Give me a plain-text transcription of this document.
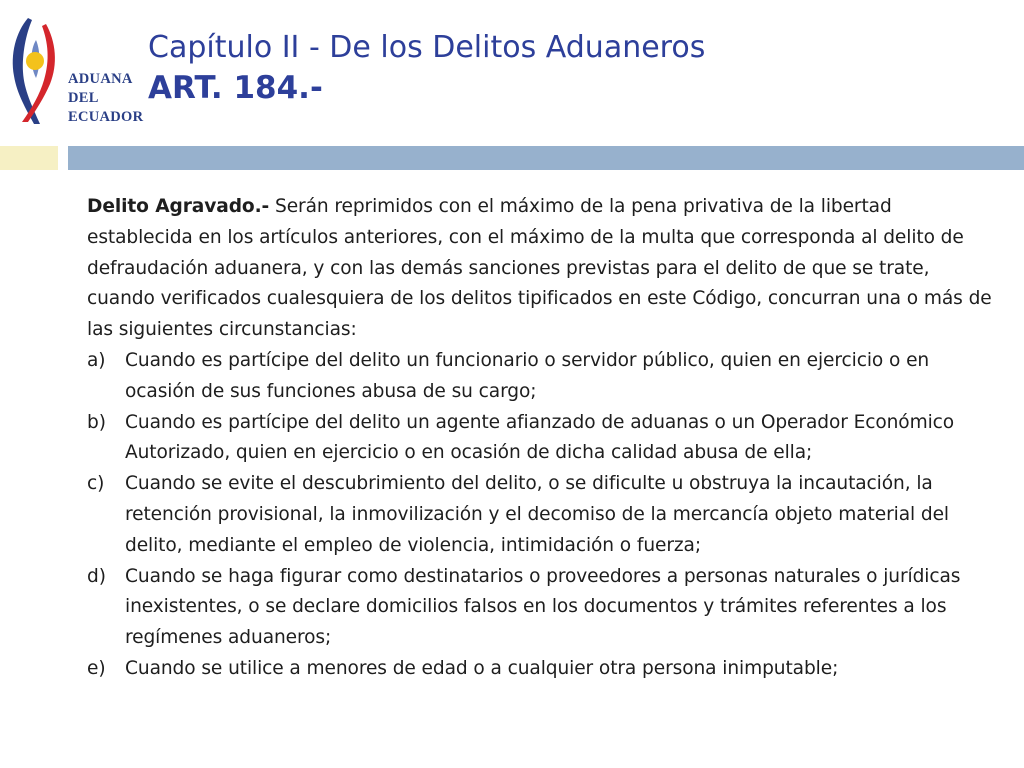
ADUANA
DEL
ECUADOR
Capítulo II - De los Delitos Aduaneros
ART. 184.-

Delito Agravado.- Serán reprimidos con el máximo de la pena privativa de la libertad establecida en los artículos anteriores, con el máximo de la multa que corresponda al delito de defraudación aduanera, y con las demás sanciones previstas para el delito de que se trate, cuando verificados cualesquiera de los delitos tipificados en este Código, concurran una o más de las siguientes circunstancias:

a) Cuando es partícipe del delito un funcionario o servidor público, quien en ejercicio o en ocasión de sus funciones abusa de su cargo;
b) Cuando es partícipe del delito un agente afianzado de aduanas o un Operador Económico Autorizado, quien en ejercicio o en ocasión de dicha calidad abusa de ella;
c) Cuando se evite el descubrimiento del delito, o se dificulte u obstruya la incautación, la retención provisional, la inmovilización y el decomiso de la mercancía objeto material del delito, mediante el empleo de violencia, intimidación o fuerza;
d) Cuando se haga figurar como destinatarios o proveedores a personas naturales o jurídicas inexistentes, o se declare domicilios falsos en los documentos y trámites referentes a los regímenes aduaneros;
e) Cuando se utilice a menores de edad o a cualquier otra persona inimputable;
